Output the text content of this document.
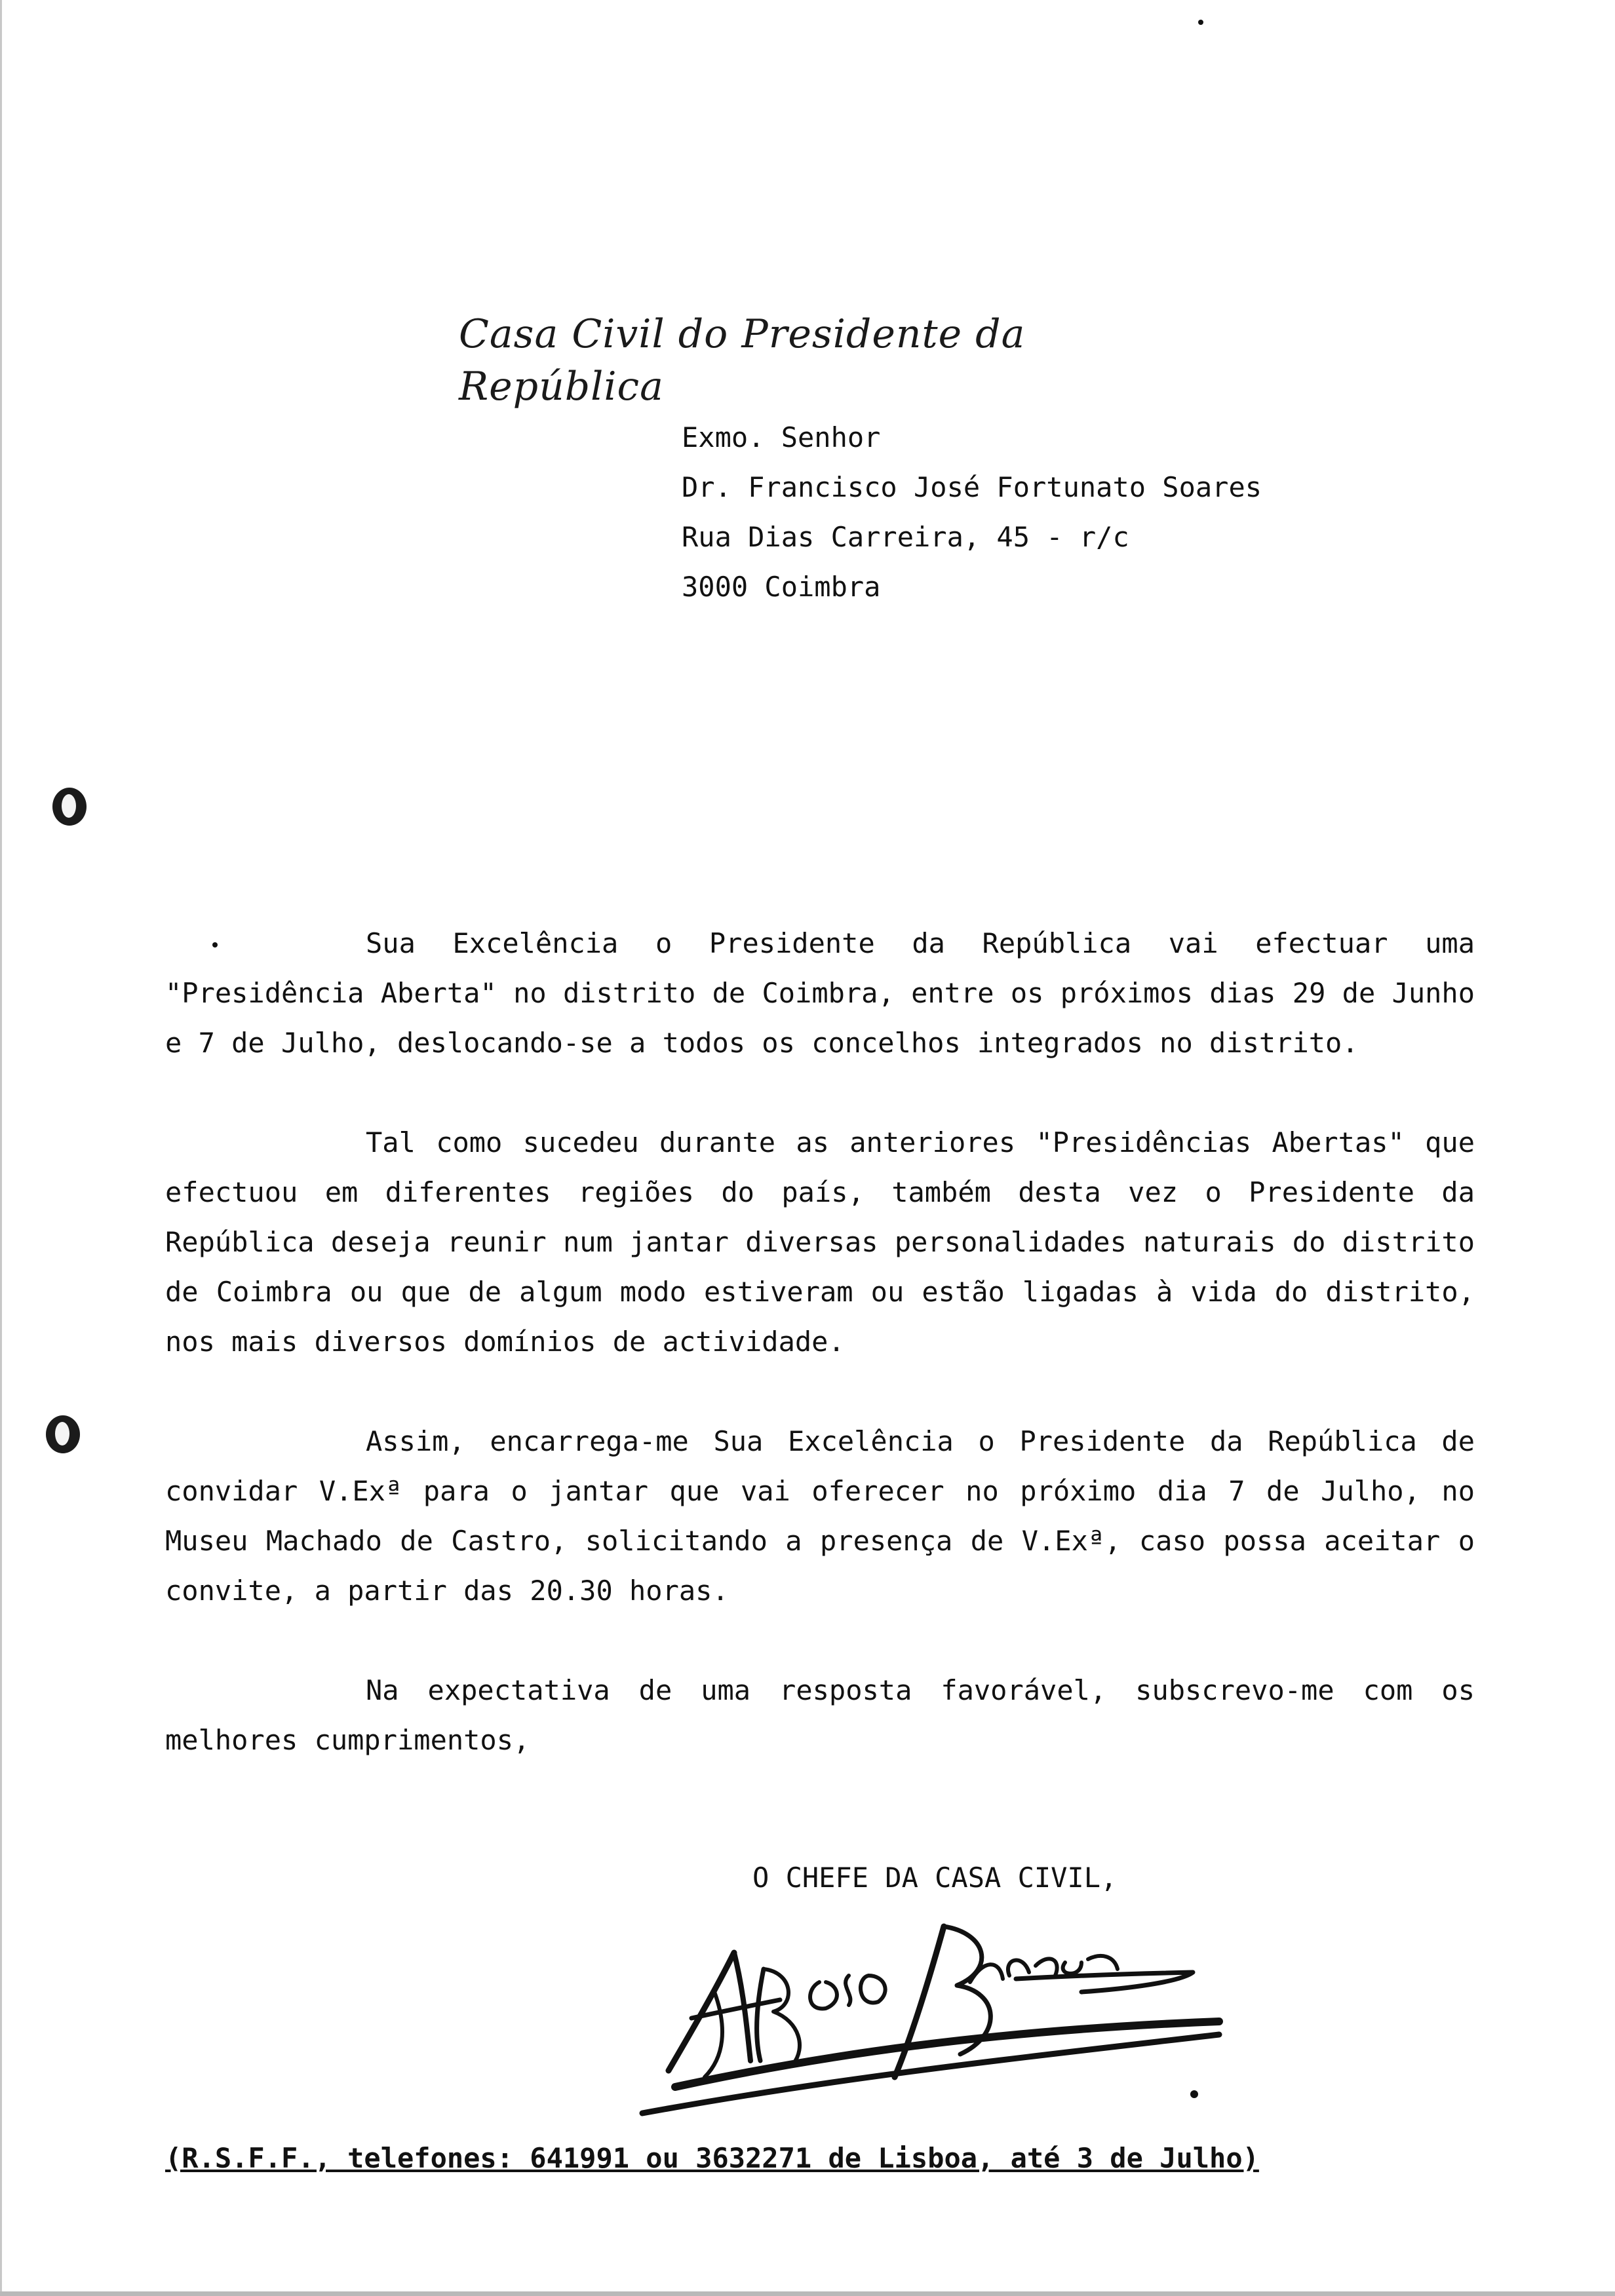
Casa Civil do Presidente da República
Exmo. Senhor
Dr. Francisco José Fortunato Soares
Rua Dias Carreira, 45 - r/c
3000 Coimbra

Sua Excelência o Presidente da República vai efectuar uma "Presidência Aberta" no distrito de Coimbra, entre os próximos dias 29 de Junho e 7 de Julho, deslocando-se a todos os concelhos integrados no distrito.

Tal como sucedeu durante as anteriores "Presidências Abertas" que efectuou em diferentes regiões do país, também desta vez o Presidente da República deseja reunir num jantar diversas personalidades naturais do distrito de Coimbra ou que de algum modo estiveram ou estão ligadas à vida do distrito, nos mais diversos domínios de actividade.

Assim, encarrega-me Sua Excelência o Presidente da República de convidar V.Exª para o jantar que vai oferecer no próximo dia 7 de Julho, no Museu Machado de Castro, solicitando a presença de V.Exª, caso possa aceitar o convite, a partir das 20.30 horas.

Na expectativa de uma resposta favorável, subscrevo-me com os melhores cumprimentos,

O CHEFE DA CASA CIVIL,
(R.S.F.F., telefones: 641991 ou 3632271 de Lisboa, até 3 de Julho)
